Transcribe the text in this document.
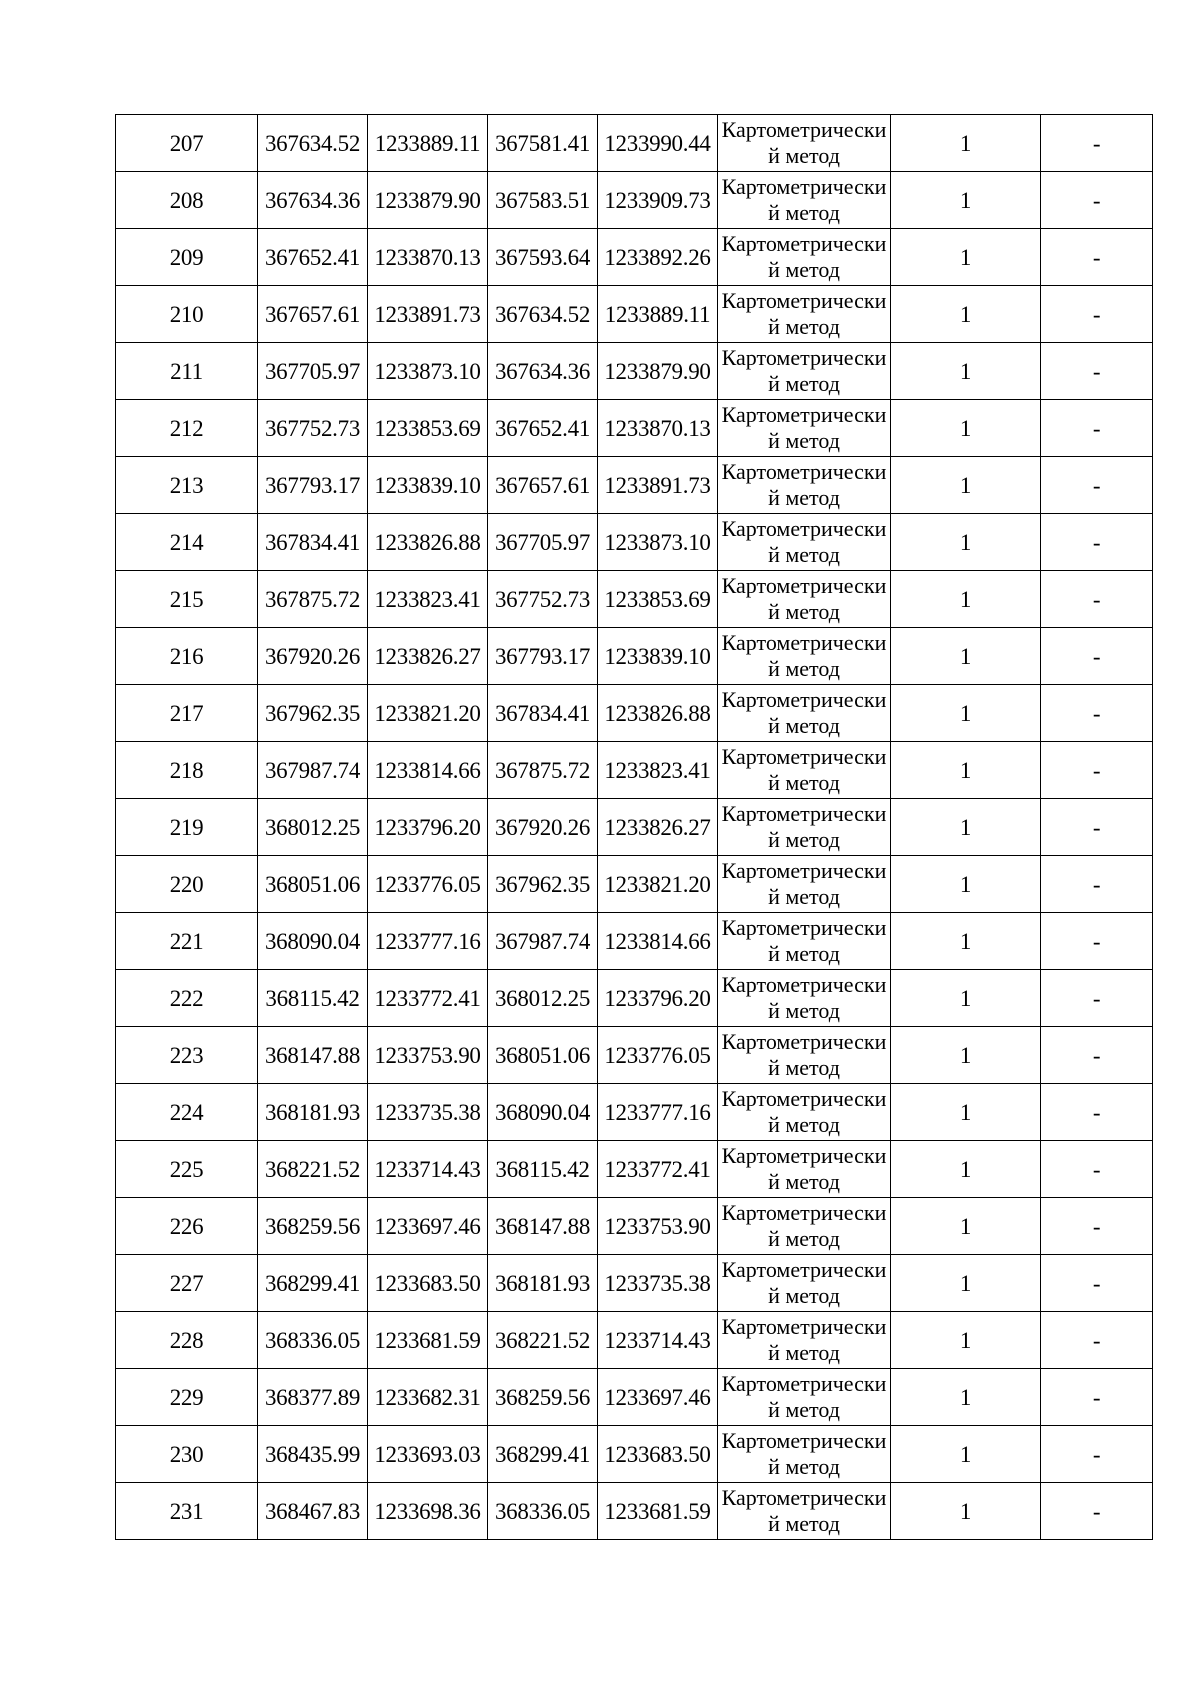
207	367634.52	1233889.11	367581.41	1233990.44	Картометрический метод	1	-
208	367634.36	1233879.90	367583.51	1233909.73	Картометрический метод	1	-
209	367652.41	1233870.13	367593.64	1233892.26	Картометрический метод	1	-
210	367657.61	1233891.73	367634.52	1233889.11	Картометрический метод	1	-
211	367705.97	1233873.10	367634.36	1233879.90	Картометрический метод	1	-
212	367752.73	1233853.69	367652.41	1233870.13	Картометрический метод	1	-
213	367793.17	1233839.10	367657.61	1233891.73	Картометрический метод	1	-
214	367834.41	1233826.88	367705.97	1233873.10	Картометрический метод	1	-
215	367875.72	1233823.41	367752.73	1233853.69	Картометрический метод	1	-
216	367920.26	1233826.27	367793.17	1233839.10	Картометрический метод	1	-
217	367962.35	1233821.20	367834.41	1233826.88	Картометрический метод	1	-
218	367987.74	1233814.66	367875.72	1233823.41	Картометрический метод	1	-
219	368012.25	1233796.20	367920.26	1233826.27	Картометрический метод	1	-
220	368051.06	1233776.05	367962.35	1233821.20	Картометрический метод	1	-
221	368090.04	1233777.16	367987.74	1233814.66	Картометрический метод	1	-
222	368115.42	1233772.41	368012.25	1233796.20	Картометрический метод	1	-
223	368147.88	1233753.90	368051.06	1233776.05	Картометрический метод	1	-
224	368181.93	1233735.38	368090.04	1233777.16	Картометрический метод	1	-
225	368221.52	1233714.43	368115.42	1233772.41	Картометрический метод	1	-
226	368259.56	1233697.46	368147.88	1233753.90	Картометрический метод	1	-
227	368299.41	1233683.50	368181.93	1233735.38	Картометрический метод	1	-
228	368336.05	1233681.59	368221.52	1233714.43	Картометрический метод	1	-
229	368377.89	1233682.31	368259.56	1233697.46	Картометрический метод	1	-
230	368435.99	1233693.03	368299.41	1233683.50	Картометрический метод	1	-
231	368467.83	1233698.36	368336.05	1233681.59	Картометрический метод	1	-
